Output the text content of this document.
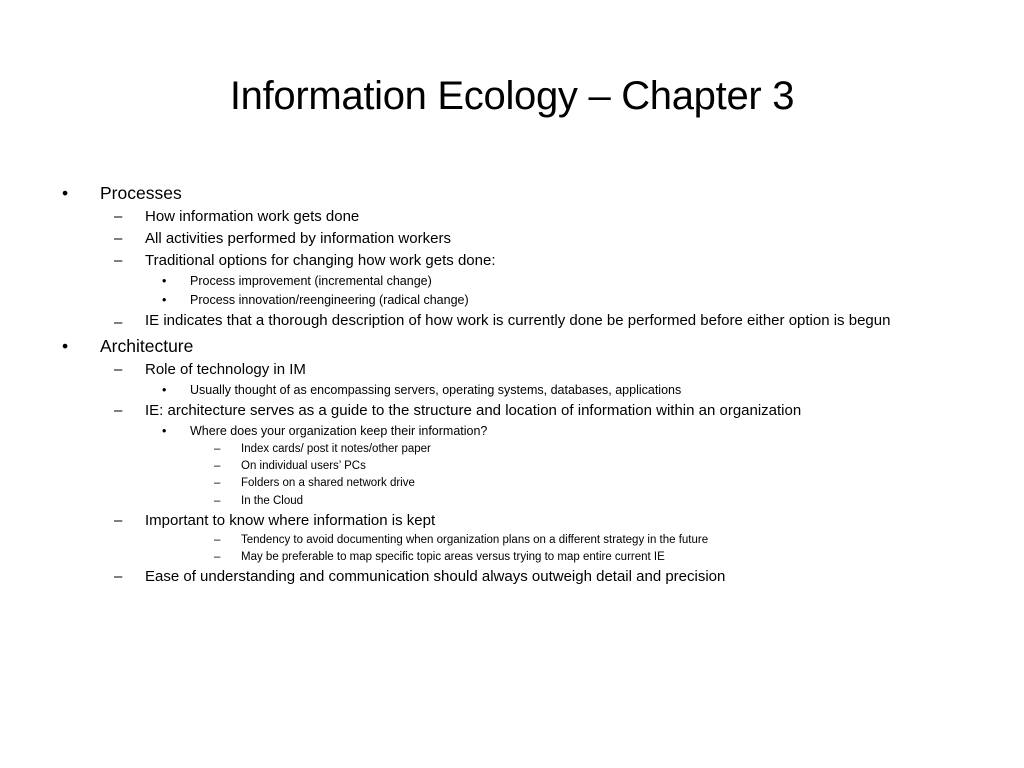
Information Ecology – Chapter 3
• Processes
– How information work gets done
– All activities performed by information workers
– Traditional options for changing how work gets done:
• Process improvement (incremental change)
• Process innovation/reengineering (radical change)
– IE indicates that a thorough description of how work is currently done be performed before either option is begun
• Architecture
– Role of technology in IM
• Usually thought of as encompassing servers, operating systems, databases, applications
– IE: architecture serves as a guide to the structure and location of information within an organization
• Where does your organization keep their information?
– Index cards/ post it notes/other paper
– On individual users’ PCs
– Folders on a shared network drive
– In the Cloud
– Important to know where information is kept
– Tendency to avoid documenting when organization plans on a different strategy in the future
– May be preferable to map specific topic areas versus trying to map entire current IE
– Ease of understanding and communication should always outweigh detail and precision
